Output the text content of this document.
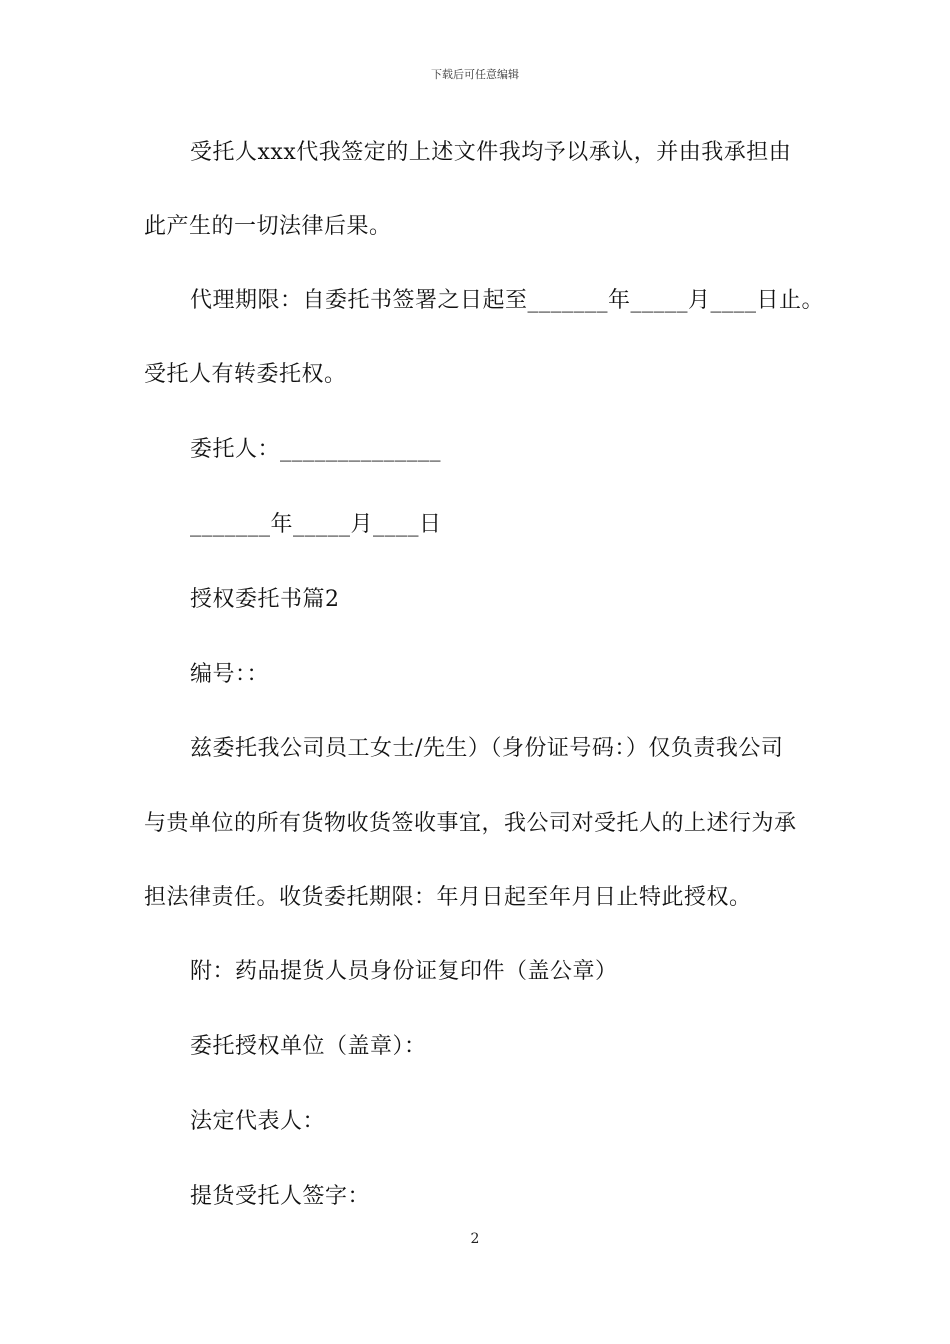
下载后可任意编辑
受托人xxx代我签定的上述文件我均予以承认，并由我承担由
此产生的一切法律后果。
代理期限：自委托书签署之日起至_______年_____月____日止。
受托人有转委托权。
委托人：______________
_______年_____月____日
授权委托书篇2
编号：：
兹委托我公司员工女士/先生）（身份证号码：）仅负责我公司
与贵单位的所有货物收货签收事宜，我公司对受托人的上述行为承
担法律责任。收货委托期限：年月日起至年月日止特此授权。
附：药品提货人员身份证复印件（盖公章）
委托授权单位（盖章）：
法定代表人：
提货受托人签字：
2
